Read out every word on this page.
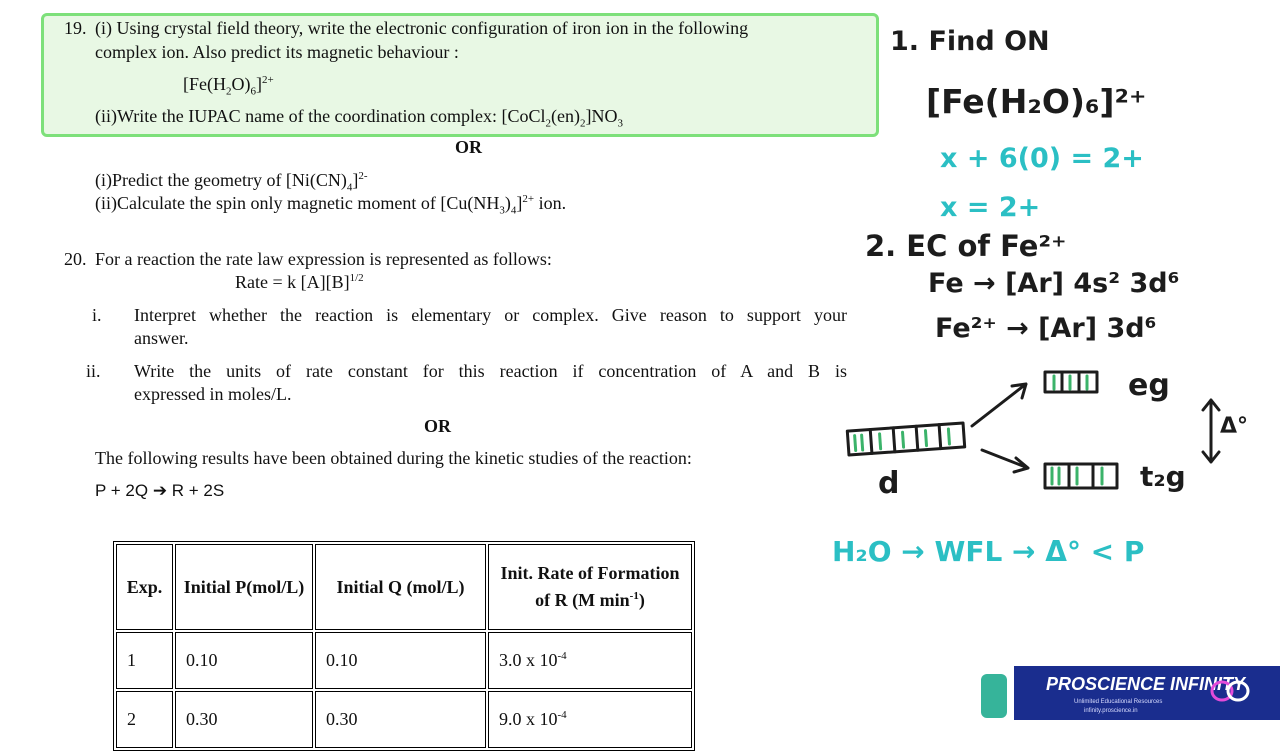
19. (i) Using crystal field theory, write the electronic configuration of iron ion in the following
complex ion. Also predict its magnetic behaviour :
$[Fe(H_2O)_6]^{2+}$
(ii)Write the IUPAC name of the coordination complex: $[CoCl_2(en)_2]NO_3$
OR
(i)Predict the geometry of $[Ni(CN)_4]^{2-}$
(ii)Calculate the spin only magnetic moment of $[Cu(NH_3)_4]^{2+}$ ion.
20. For a reaction the rate law expression is represented as follows:
Rate = k $[A][B]^{1/2}$
i. Interpret whether the reaction is elementary or complex. Give reason to support your
answer.
ii. Write the units of rate constant for this reaction if concentration of A and B is
expressed in moles/L.
OR
The following results have been obtained during the kinetic studies of the reaction:
P + 2Q ➔ R + 2S
Exp.	Initial P(mol/L)	Initial Q (mol/L)	Init. Rate of Formation
of R (M $\min^{-1}$)
1	0.10	0.10	3.0 x $10^{-4}$
2	0.30	0.30	9.0 x $10^{-4}$
1. Find ON
[Fe(H₂O)₆]²⁺
x + 6(0) = 2+
x = 2+
2. EC of Fe²⁺
Fe → [Ar] 4s² 3d⁶
Fe²⁺ → [Ar] 3d⁶
eg
t₂g
d
Δ°
H₂O → WFL → Δ° < P
PROSCIENCE INFINITY
Unlimited Educational Resources
infinity.proscience.in
